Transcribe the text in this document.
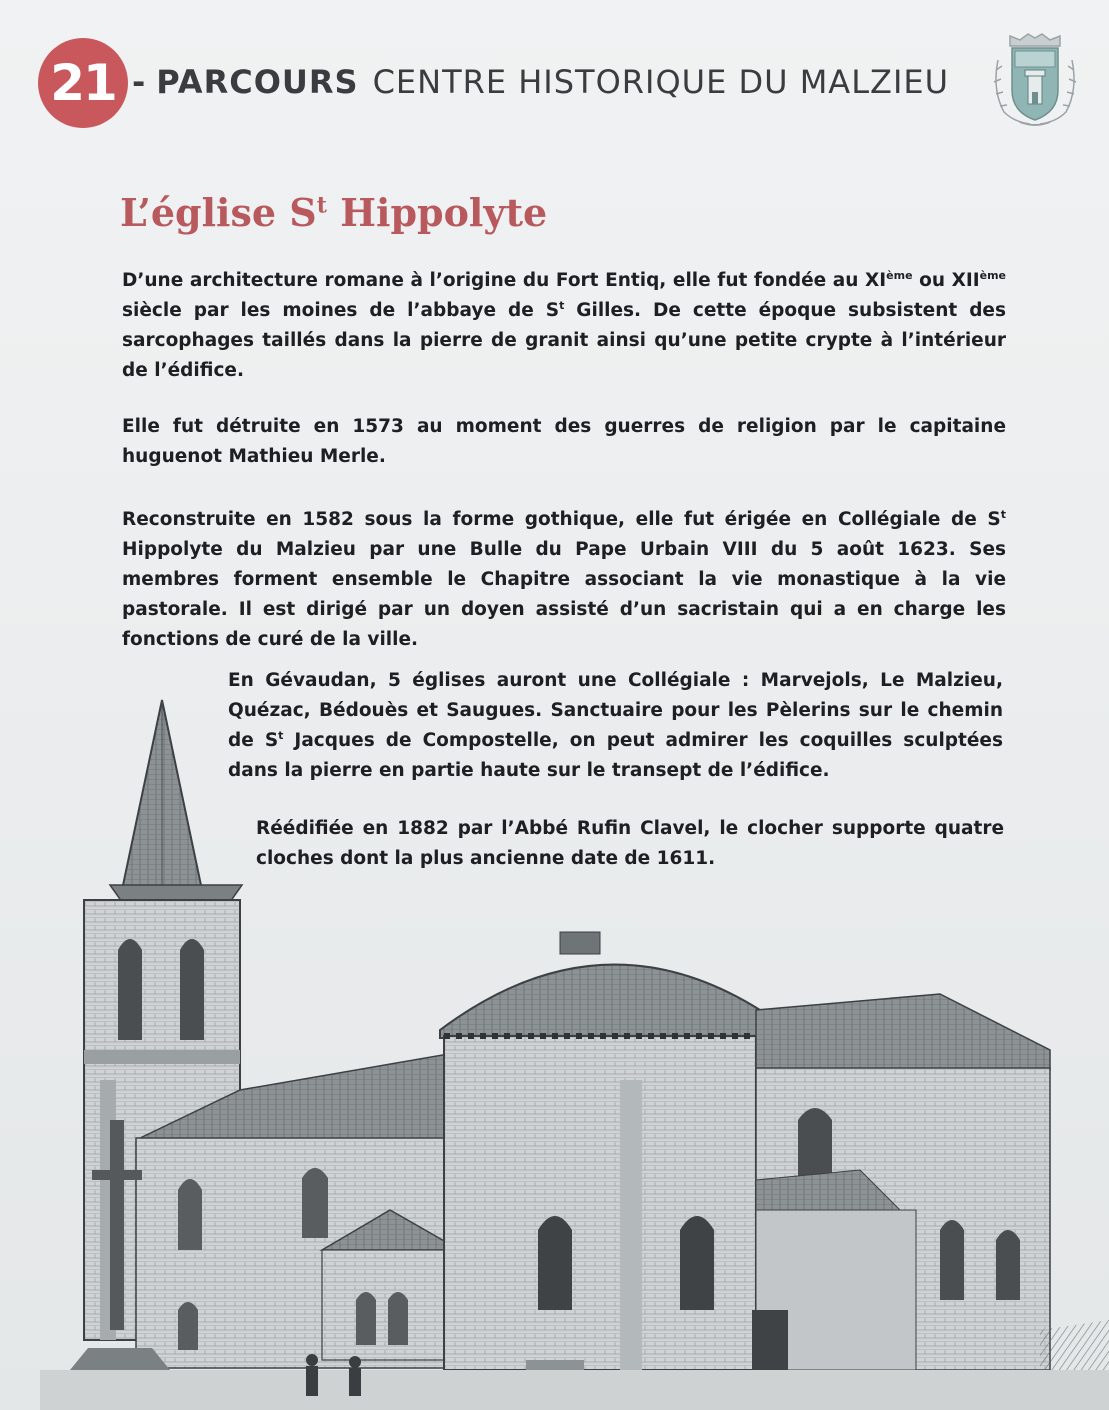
21 - PARCOURS CENTRE HISTORIQUE DU MALZIEU
L’église $S^t$ Hippolyte

D’une architecture romane à l’origine du Fort Entiq, elle fut fondée au XIème ou XIIème siècle par les moines de l’abbaye de $S^t$ Gilles. De cette époque subsistent des sarcophages taillés dans la pierre de granit ainsi qu’une petite crypte à l’intérieur de l’édifice.

Elle fut détruite en 1573 au moment des guerres de religion par le capitaine huguenot Mathieu Merle.

Reconstruite en 1582 sous la forme gothique, elle fut érigée en Collégiale de $S^t$ Hippolyte du Malzieu par une Bulle du Pape Urbain VIII du 5 août 1623. Ses membres forment ensemble le Chapitre associant la vie monastique à la vie pastorale. Il est dirigé par un doyen assisté d’un sacristain qui a en charge les fonctions de curé de la ville.

En Gévaudan, 5 églises auront une Collégiale : Marvejols, Le Malzieu, Quézac, Bédouès et Saugues. Sanctuaire pour les Pèlerins sur le chemin de $S^t$ Jacques de Compostelle, on peut admirer les coquilles sculptées dans la pierre en partie haute sur le transept de l’édifice.

Réédifiée en 1882 par l’Abbé Rufin Clavel, le clocher supporte quatre cloches dont la plus ancienne date de 1611.
